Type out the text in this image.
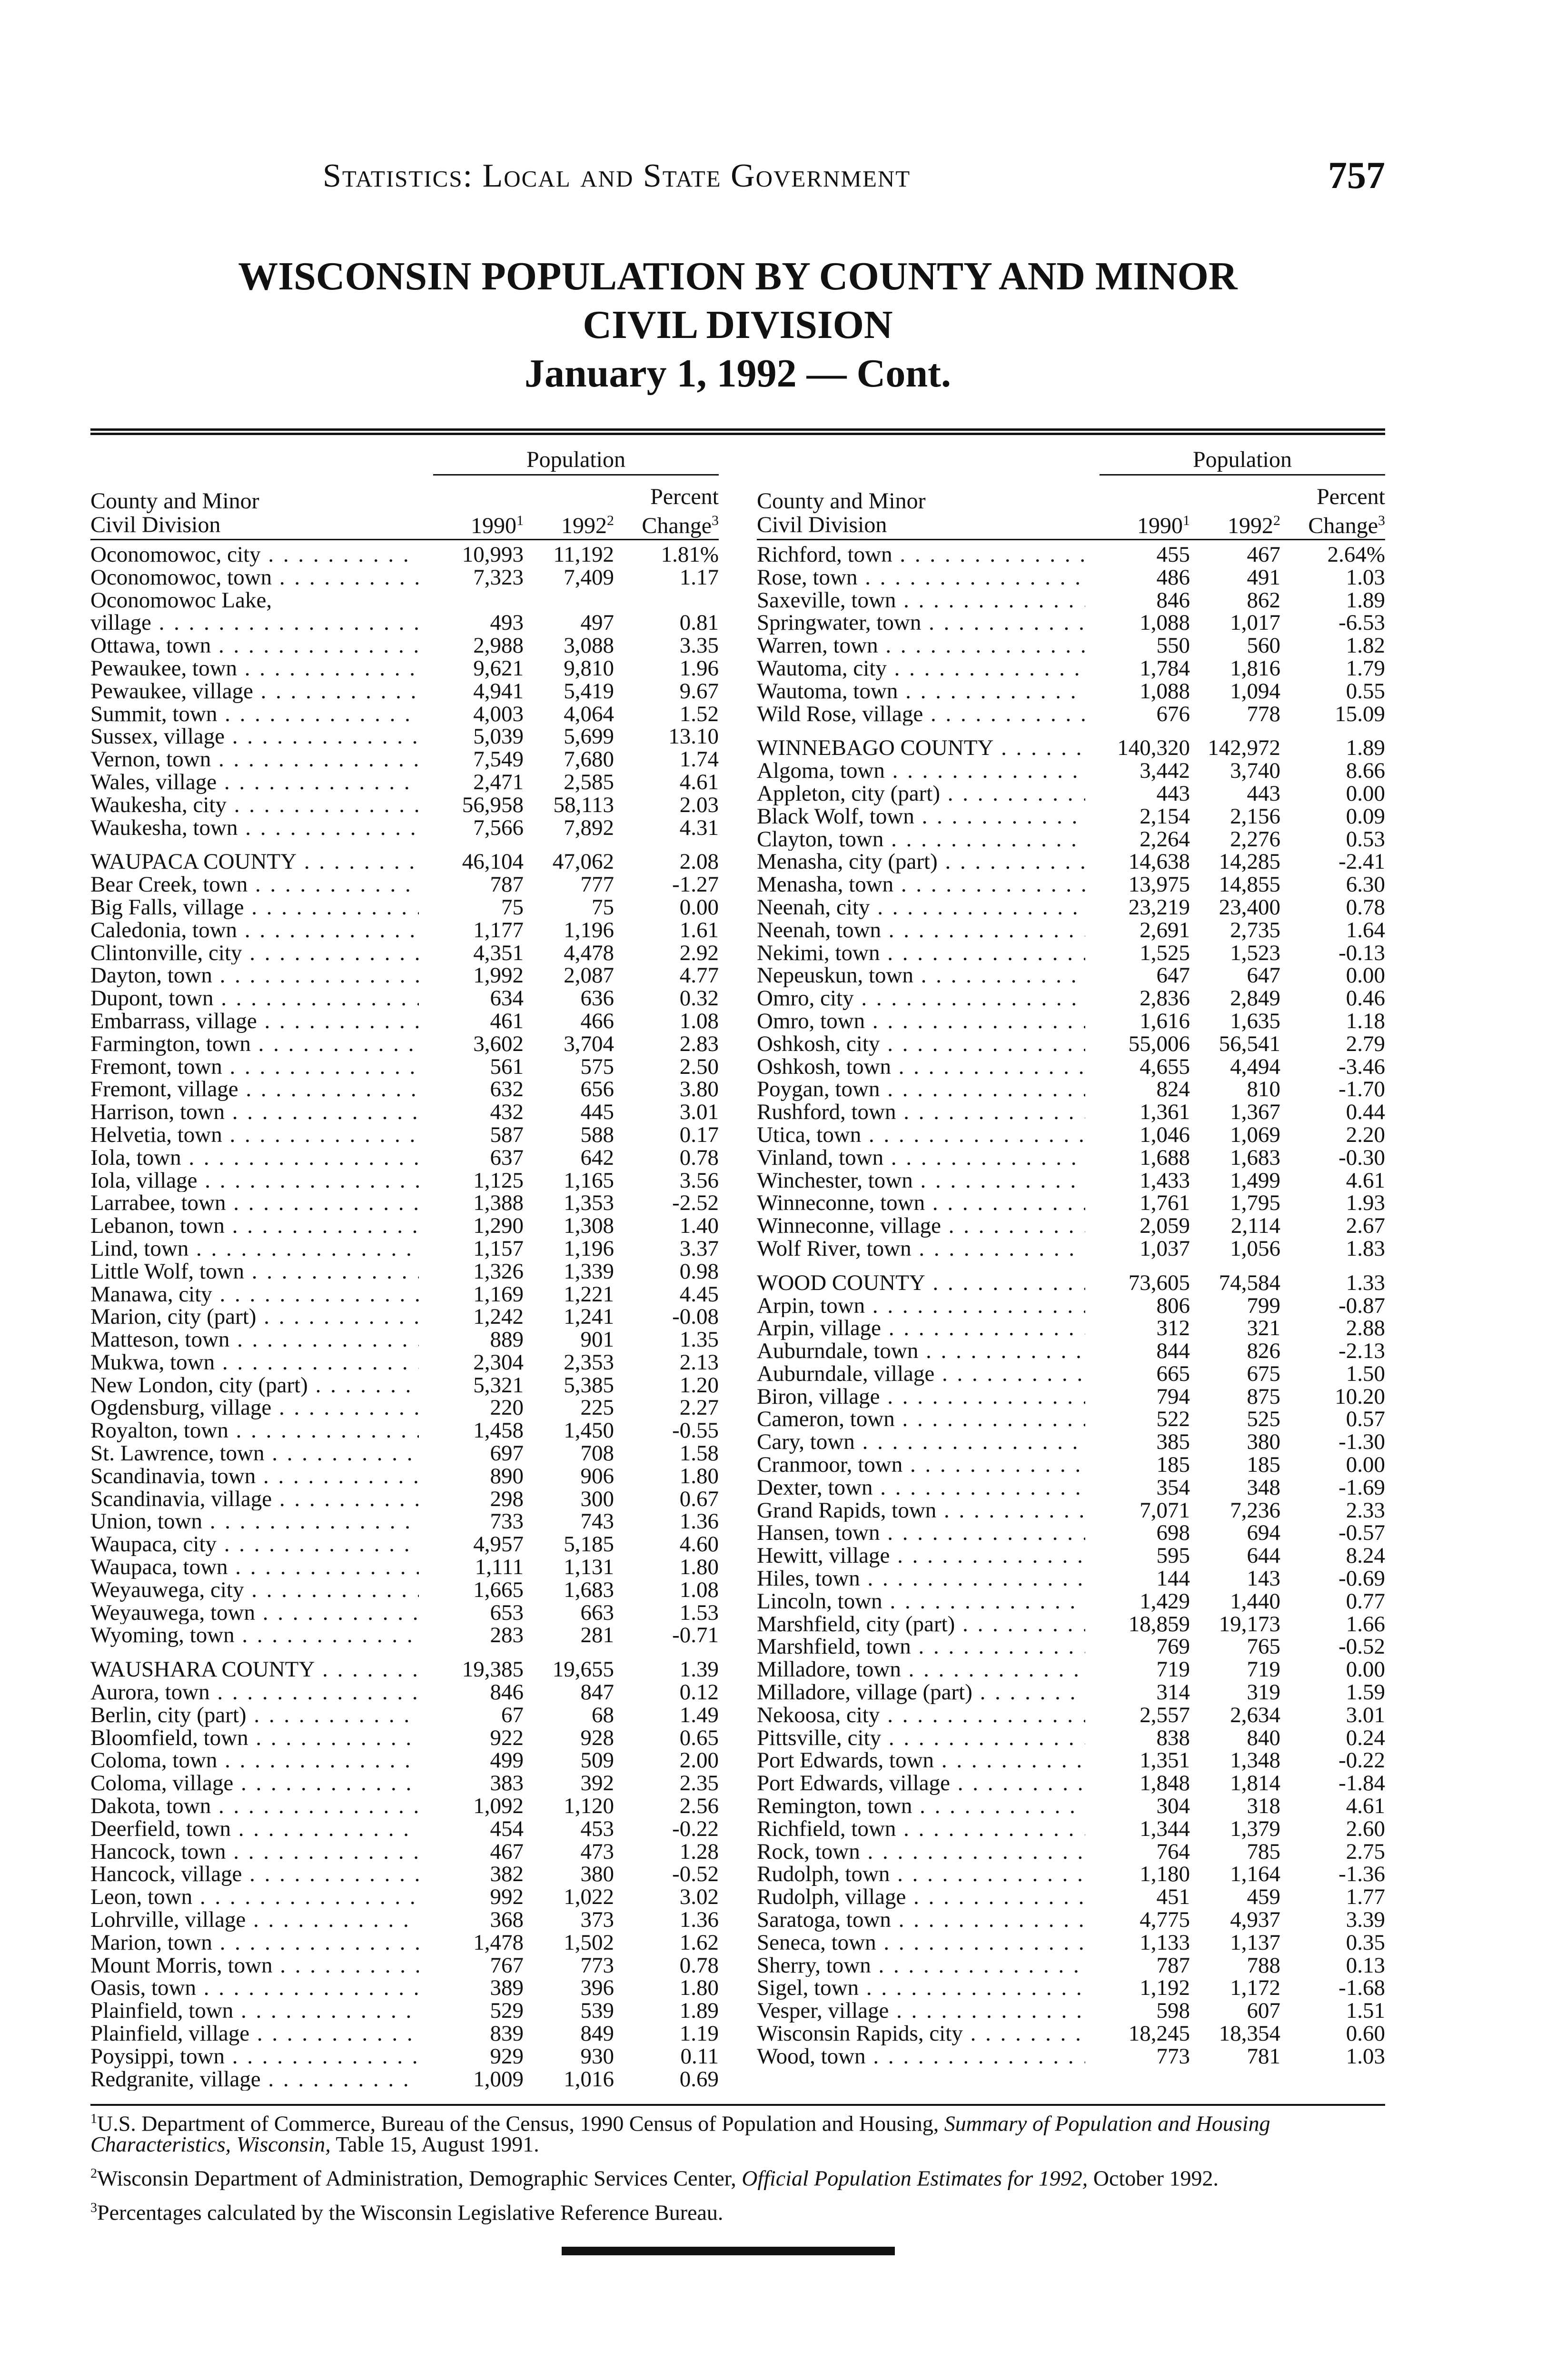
Statistics: Local and State Government	757
WISCONSIN POPULATION BY COUNTY AND MINOR
CIVIL DIVISION
January 1, 1992 — Cont.
Population
County and Minor
Civil Division	1990$^1$	1992$^2$
Percent
Change$^3$
Oconomowoc, city . . .	10,993	11,192	1.81%
Oconomowoc, town . . .	7,323	7,409	1.17
Oconomowoc Lake,
village . . .	493	497	0.81
Ottawa, town . . .	2,988	3,088	3.35
Pewaukee, town . . .	9,621	9,810	1.96
Pewaukee, village . . .	4,941	5,419	9.67
Summit, town . . .	4,003	4,064	1.52
Sussex, village . . .	5,039	5,699	13.10
Vernon, town . . .	7,549	7,680	1.74
Wales, village . . .	2,471	2,585	4.61
Waukesha, city . . .	56,958	58,113	2.03
Waukesha, town . . .	7,566	7,892	4.31
WAUPACA COUNTY . . .	46,104	47,062	2.08
Bear Creek, town . . .	787	777	-1.27
Big Falls, village . . .	75	75	0.00
Caledonia, town . . .	1,177	1,196	1.61
Clintonville, city . . .	4,351	4,478	2.92
Dayton, town . . .	1,992	2,087	4.77
Dupont, town . . .	634	636	0.32
Embarrass, village . . .	461	466	1.08
Farmington, town . . .	3,602	3,704	2.83
Fremont, town . . .	561	575	2.50
Fremont, village . . .	632	656	3.80
Harrison, town . . .	432	445	3.01
Helvetia, town . . .	587	588	0.17
Iola, town . . .	637	642	0.78
Iola, village . . .	1,125	1,165	3.56
Larrabee, town . . .	1,388	1,353	-2.52
Lebanon, town . . .	1,290	1,308	1.40
Lind, town . . .	1,157	1,196	3.37
Little Wolf, town . . .	1,326	1,339	0.98
Manawa, city . . .	1,169	1,221	4.45
Marion, city (part) . . .	1,242	1,241	-0.08
Matteson, town . . .	889	901	1.35
Mukwa, town . . .	2,304	2,353	2.13
New London, city (part) . . .	5,321	5,385	1.20
Ogdensburg, village . . .	220	225	2.27
Royalton, town . . .	1,458	1,450	-0.55
St. Lawrence, town . . .	697	708	1.58
Scandinavia, town . . .	890	906	1.80
Scandinavia, village . . .	298	300	0.67
Union, town . . .	733	743	1.36
Waupaca, city . . .	4,957	5,185	4.60
Waupaca, town . . .	1,111	1,131	1.80
Weyauwega, city . . .	1,665	1,683	1.08
Weyauwega, town . . .	653	663	1.53
Wyoming, town . . .	283	281	-0.71
WAUSHARA COUNTY . . .	19,385	19,655	1.39
Aurora, town . . .	846	847	0.12
Berlin, city (part) . . .	67	68	1.49
Bloomfield, town . . .	922	928	0.65
Coloma, town . . .	499	509	2.00
Coloma, village . . .	383	392	2.35
Dakota, town . . .	1,092	1,120	2.56
Deerfield, town . . .	454	453	-0.22
Hancock, town . . .	467	473	1.28
Hancock, village . . .	382	380	-0.52
Leon, town . . .	992	1,022	3.02
Lohrville, village . . .	368	373	1.36
Marion, town . . .	1,478	1,502	1.62
Mount Morris, town . . .	767	773	0.78
Oasis, town . . .	389	396	1.80
Plainfield, town . . .	529	539	1.89
Plainfield, village . . .	839	849	1.19
Poysippi, town . . .	929	930	0.11
Redgranite, village . . .	1,009	1,016	0.69
Population
County and Minor
Civil Division	1990$^1$	1992$^2$
Percent
Change$^3$
Richford, town . . .	455	467	2.64%
Rose, town . . .	486	491	1.03
Saxeville, town . . .	846	862	1.89
Springwater, town . . .	1,088	1,017	-6.53
Warren, town . . .	550	560	1.82
Wautoma, city . . .	1,784	1,816	1.79
Wautoma, town . . .	1,088	1,094	0.55
Wild Rose, village . . .	676	778	15.09
WINNEBAGO COUNTY . . .	140,320 142,972	1.89
Algoma, town . . .	3,442	3,740	8.66
Appleton, city (part) . . .	443	443	0.00
Black Wolf, town . . .	2,154	2,156	0.09
Clayton, town . . .	2,264	2,276	0.53
Menasha, city (part) . . .	14,638	14,285	-2.41
Menasha, town . . .	13,975	14,855	6.30
Neenah, city . . .	23,219	23,400	0.78
Neenah, town . . .	2,691	2,735	1.64
Nekimi, town . . .	1,525	1,523	-0.13
Nepeuskun, town . . .	647	647	0.00
Omro, city . . .	2,836	2,849	0.46
Omro, town . . .	1,616	1,635	1.18
Oshkosh, city . . .	55,006	56,541	2.79
Oshkosh, town . . .	4,655	4,494	-3.46
Poygan, town . . .	824	810	-1.70
Rushford, town . . .	1,361	1,367	0.44
Utica, town . . .	1,046	1,069	2.20
Vinland, town . . .	1,688	1,683	-0.30
Winchester, town . . .	1,433	1,499	4.61
Winneconne, town . . .	1,761	1,795	1.93
Winneconne, village . . .	2,059	2,114	2.67
Wolf River, town . . .	1,037	1,056	1.83
WOOD COUNTY . . .	73,605	74,584	1.33
Arpin, town . . .	806	799	-0.87
Arpin, village . . .	312	321	2.88
Auburndale, town . . .	844	826	-2.13
Auburndale, village . . .	665	675	1.50
Biron, village . . .	794	875	10.20
Cameron, town . . .	522	525	0.57
Cary, town . . .	385	380	-1.30
Cranmoor, town . . .	185	185	0.00
Dexter, town . . .	354	348	-1.69
Grand Rapids, town . . .	7,071	7,236	2.33
Hansen, town . . .	698	694	-0.57
Hewitt, village . . .	595	644	8.24
Hiles, town . . .	144	143	-0.69
Lincoln, town . . .	1,429	1,440	0.77
Marshfield, city (part) . . .	18,859	19,173	1.66
Marshfield, town . . .	769	765	-0.52
Milladore, town . . .	719	719	0.00
Milladore, village (part) . . .	314	319	1.59
Nekoosa, city . . .	2,557	2,634	3.01
Pittsville, city . . .	838	840	0.24
Port Edwards, town . . .	1,351	1,348	-0.22
Port Edwards, village . . .	1,848	1,814	-1.84
Remington, town . . .	304	318	4.61
Richfield, town . . .	1,344	1,379	2.60
Rock, town . . .	764	785	2.75
Rudolph, town . . .	1,180	1,164	-1.36
Rudolph, village . . .	451	459	1.77
Saratoga, town . . .	4,775	4,937	3.39
Seneca, town . . .	1,133	1,137	0.35
Sherry, town . . .	787	788	0.13
Sigel, town . . .	1,192	1,172	-1.68
Vesper, village . . .	598	607	1.51
Wisconsin Rapids, city . . .	18,245	18,354	0.60
Wood, town . . .	773	781	1.03

$^1$U.S. Department of Commerce, Bureau of the Census, 1990 Census of Population and Housing, Summary of Population and Housing Characteristics, Wisconsin, Table 15, August 1991.

$^2$Wisconsin Department of Administration, Demographic Services Center, Official Population Estimates for 1992, October 1992.

$^3$Percentages calculated by the Wisconsin Legislative Reference Bureau.
